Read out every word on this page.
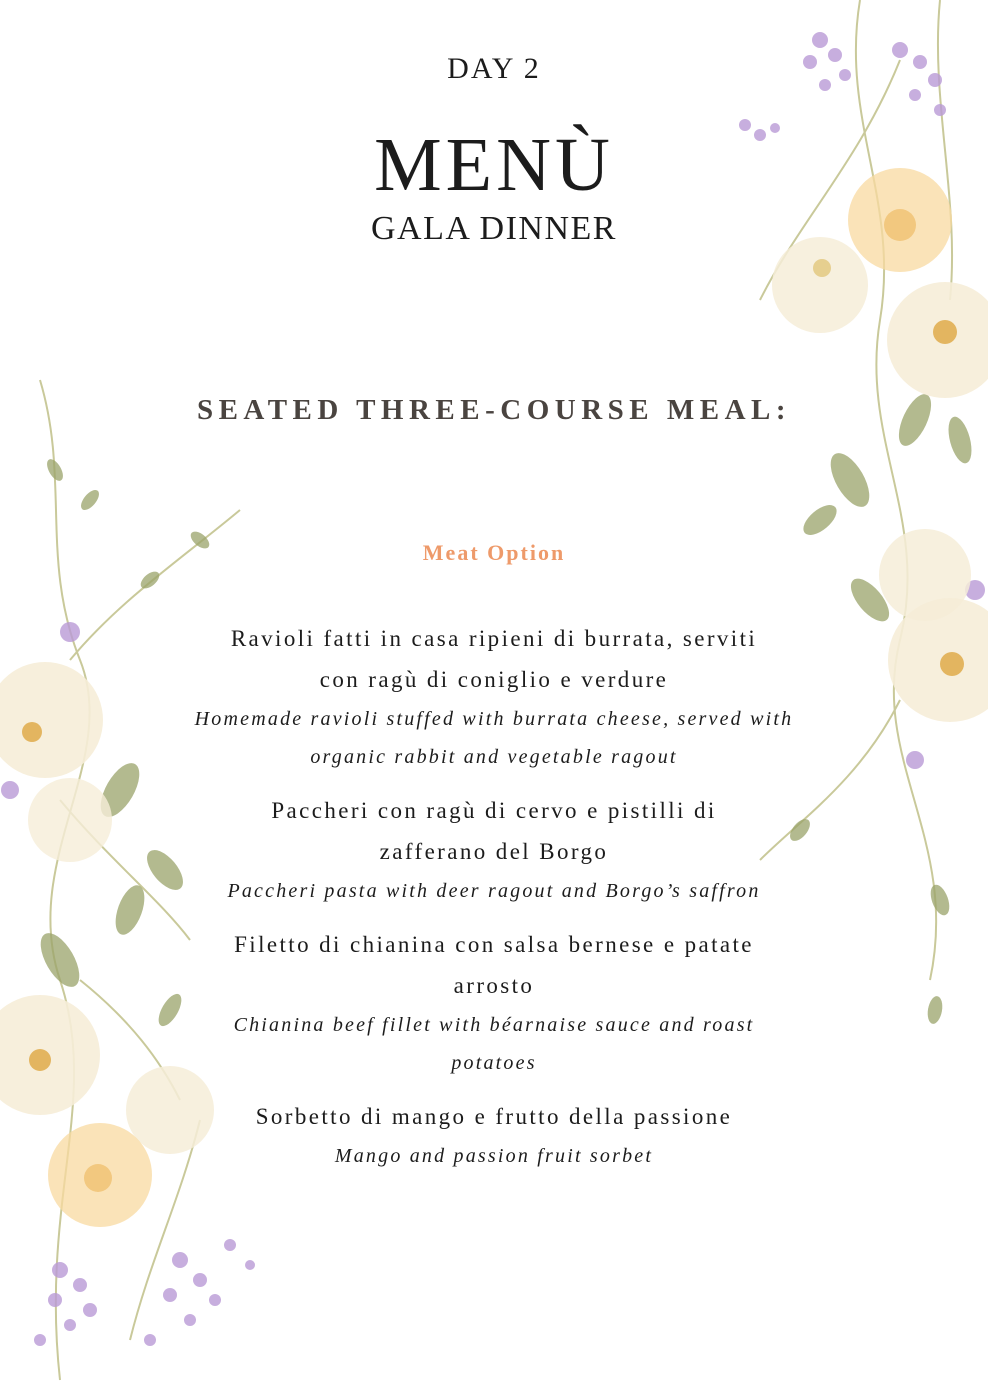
DAY 2
MENÙ
GALA DINNER
SEATED THREE-COURSE MEAL:
Meat Option
Ravioli fatti in casa ripieni di burrata, serviti con ragù di coniglio e verdure
Homemade ravioli stuffed with burrata cheese, served with organic rabbit and vegetable ragout
Paccheri con ragù di cervo e pistilli di zafferano del Borgo
Paccheri pasta with deer ragout and Borgo’s saffron
Filetto di chianina con salsa bernese e patate arrosto
Chianina beef fillet with béarnaise sauce and roast potatoes
Sorbetto di mango e frutto della passione
Mango and passion fruit sorbet
